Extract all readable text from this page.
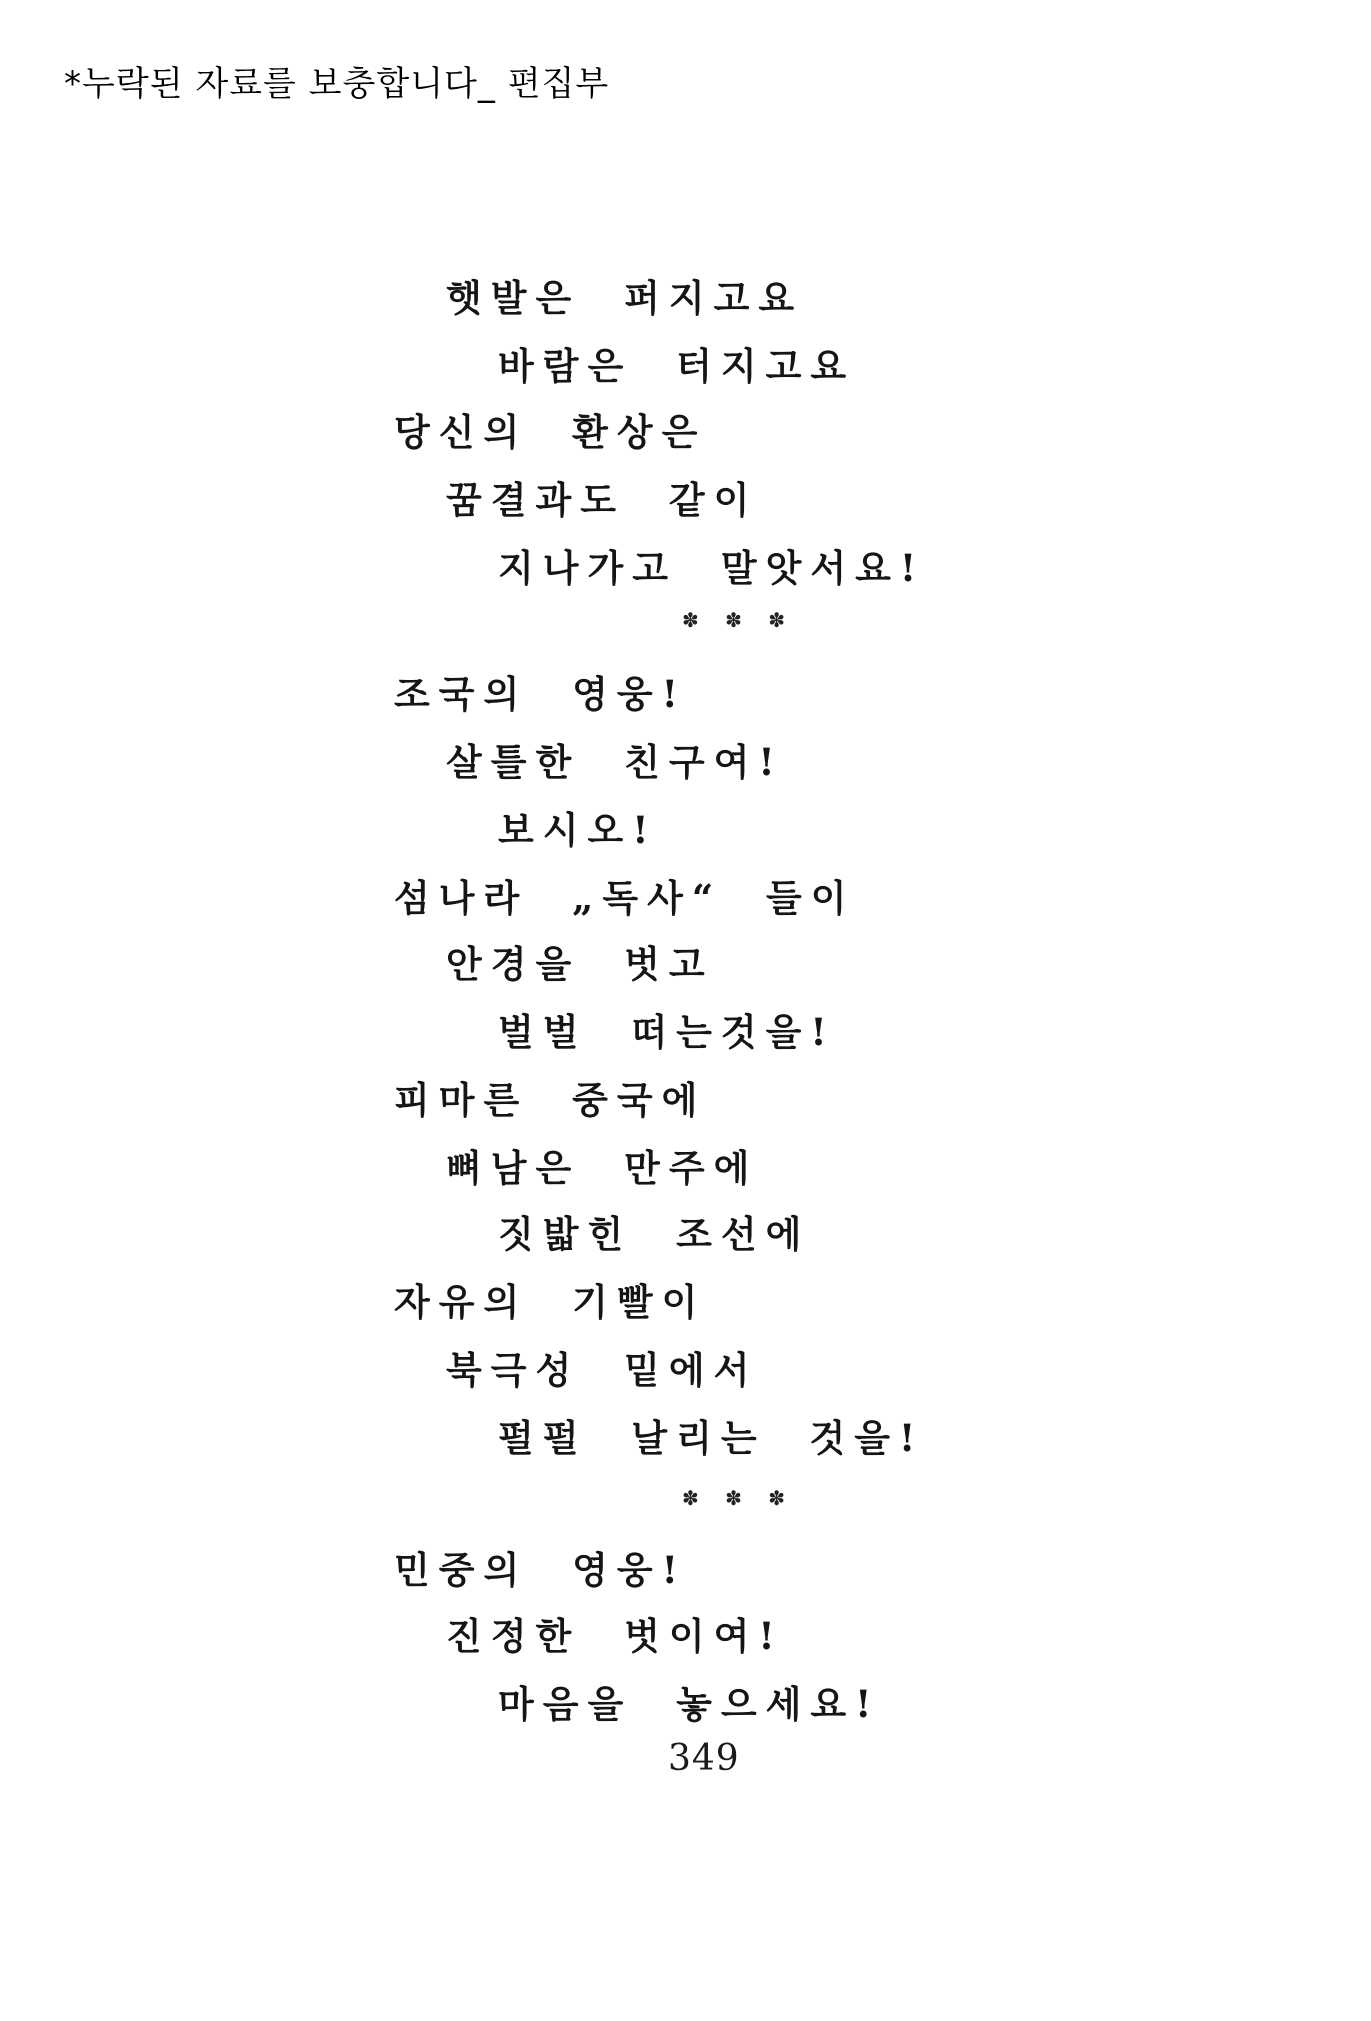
*누락된 자료를 보충합니다_ 편집부
햇발은 퍼지고요
바람은 터지고요
당신의 환상은
꿈결과도 같이
지나가고 말앗서요!
✽ ✽ ✽
조국의 영웅!
살틀한 친구여!
보시오!
섬나라 „독사“ 들이
안경을 벗고
벌벌 떠는것을!
피마른 중국에
뼈남은 만주에
짓밟힌 조선에
자유의 기빨이
북극성 밑에서
펄펄 날리는 것을!
✽ ✽ ✽
민중의 영웅!
진정한 벗이여!
마음을 놓으세요!
349
